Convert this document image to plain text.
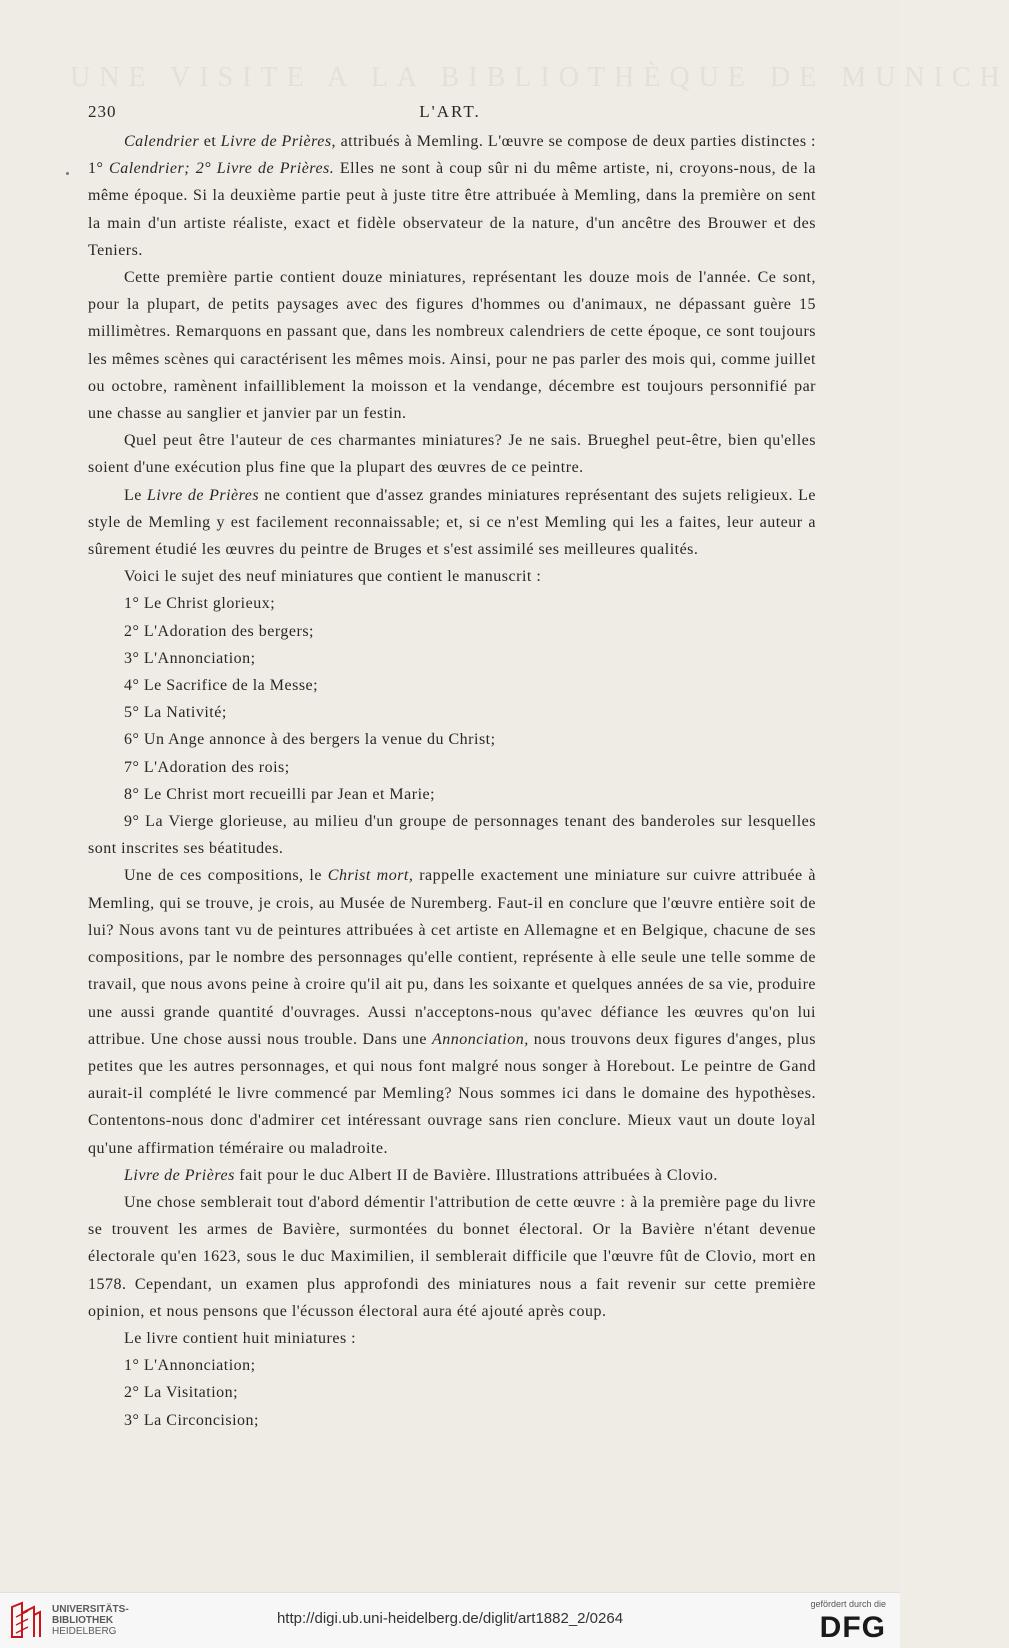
UNE VISITE A LA BIBLIOTHÈQUE DE MUNICH
230	L'ART.

Calendrier et Livre de Prières, attribués à Memling. L'œuvre se compose de deux parties distinctes : 1° Calendrier; 2° Livre de Prières. Elles ne sont à coup sûr ni du même artiste, ni, croyons-nous, de la même époque. Si la deuxième partie peut à juste titre être attribuée à Memling, dans la première on sent la main d'un artiste réaliste, exact et fidèle observateur de la nature, d'un ancêtre des Brouwer et des Teniers.

Cette première partie contient douze miniatures, représentant les douze mois de l'année. Ce sont, pour la plupart, de petits paysages avec des figures d'hommes ou d'animaux, ne dépassant guère 15 millimètres. Remarquons en passant que, dans les nombreux calendriers de cette époque, ce sont toujours les mêmes scènes qui caractérisent les mêmes mois. Ainsi, pour ne pas parler des mois qui, comme juillet ou octobre, ramènent infailliblement la moisson et la vendange, décembre est toujours personnifié par une chasse au sanglier et janvier par un festin.

Quel peut être l'auteur de ces charmantes miniatures? Je ne sais. Brueghel peut-être, bien qu'elles soient d'une exécution plus fine que la plupart des œuvres de ce peintre.

Le Livre de Prières ne contient que d'assez grandes miniatures représentant des sujets religieux. Le style de Memling y est facilement reconnaissable; et, si ce n'est Memling qui les a faites, leur auteur a sûrement étudié les œuvres du peintre de Bruges et s'est assimilé ses meilleures qualités.

Voici le sujet des neuf miniatures que contient le manuscrit :

1° Le Christ glorieux;

2° L'Adoration des bergers;

3° L'Annonciation;

4° Le Sacrifice de la Messe;

5° La Nativité;

6° Un Ange annonce à des bergers la venue du Christ;

7° L'Adoration des rois;

8° Le Christ mort recueilli par Jean et Marie;

9° La Vierge glorieuse, au milieu d'un groupe de personnages tenant des banderoles sur lesquelles sont inscrites ses béatitudes.

Une de ces compositions, le Christ mort, rappelle exactement une miniature sur cuivre attribuée à Memling, qui se trouve, je crois, au Musée de Nuremberg. Faut-il en conclure que l'œuvre entière soit de lui? Nous avons tant vu de peintures attribuées à cet artiste en Allemagne et en Belgique, chacune de ses compositions, par le nombre des personnages qu'elle contient, représente à elle seule une telle somme de travail, que nous avons peine à croire qu'il ait pu, dans les soixante et quelques années de sa vie, produire une aussi grande quantité d'ouvrages. Aussi n'acceptons-nous qu'avec défiance les œuvres qu'on lui attribue. Une chose aussi nous trouble. Dans une Annonciation, nous trouvons deux figures d'anges, plus petites que les autres personnages, et qui nous font malgré nous songer à Horebout. Le peintre de Gand aurait-il complété le livre commencé par Memling? Nous sommes ici dans le domaine des hypothèses. Contentons-nous donc d'admirer cet intéressant ouvrage sans rien conclure. Mieux vaut un doute loyal qu'une affirmation téméraire ou maladroite.

Livre de Prières fait pour le duc Albert II de Bavière. Illustrations attribuées à Clovio.

Une chose semblerait tout d'abord démentir l'attribution de cette œuvre : à la première page du livre se trouvent les armes de Bavière, surmontées du bonnet électoral. Or la Bavière n'étant devenue électorale qu'en 1623, sous le duc Maximilien, il semblerait difficile que l'œuvre fût de Clovio, mort en 1578. Cependant, un examen plus approfondi des miniatures nous a fait revenir sur cette première opinion, et nous pensons que l'écusson électoral aura été ajouté après coup.

Le livre contient huit miniatures :

1° L'Annonciation;

2° La Visitation;

3° La Circoncision;

UNIVERSITÄTS-
BIBLIOTHEK
HEIDELBERG
http://digi.ub.uni-heidelberg.de/diglit/art1882_2/0264
gefördert durch die
DFG
